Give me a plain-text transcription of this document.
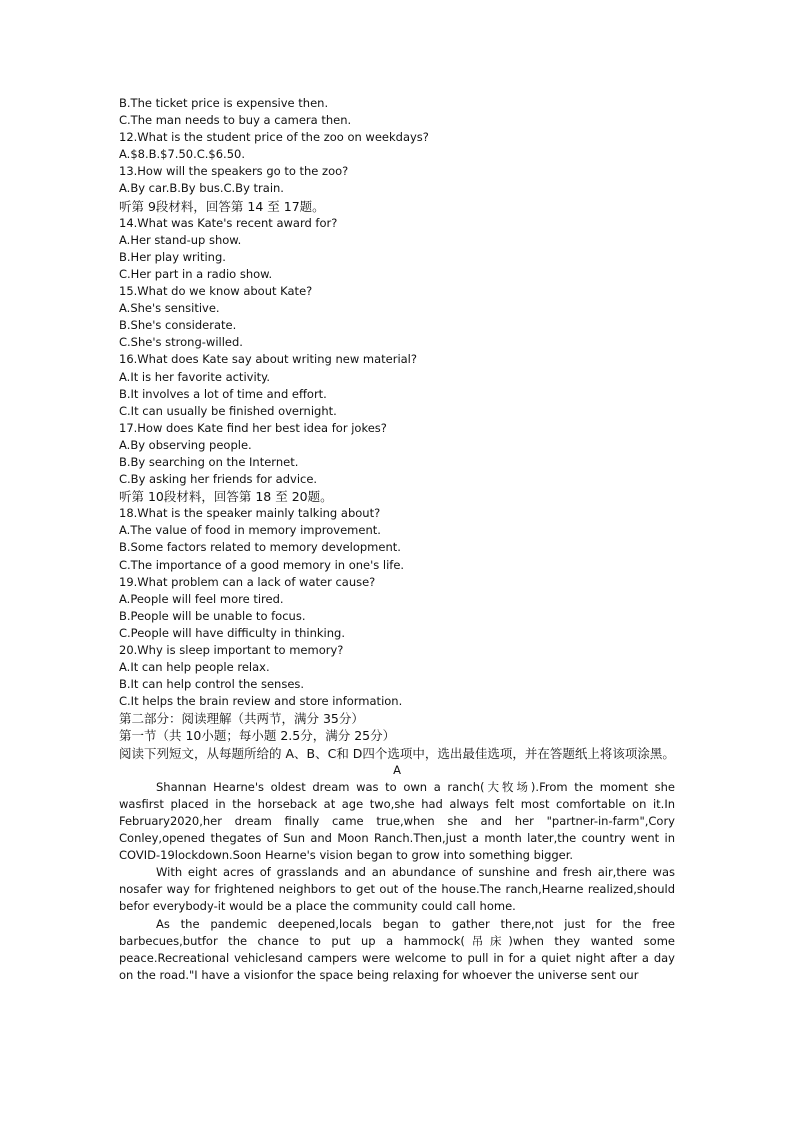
B.The ticket price is expensive then.
C.The man needs to buy a camera then.
12.What is the student price of the zoo on weekdays?
A.$8.B.$7.50.C.$6.50.
13.How will the speakers go to the zoo?
A.By car.B.By bus.C.By train.
听第 9段材料，回答第 14 至 17题。
14.What was Kate's recent award for?
A.Her stand-up show.
B.Her play writing.
C.Her part in a radio show.
15.What do we know about Kate?
A.She's sensitive.
B.She's considerate.
C.She's strong-willed.
16.What does Kate say about writing new material?
A.It is her favorite activity.
B.It involves a lot of time and effort.
C.It can usually be finished overnight.
17.How does Kate find her best idea for jokes?
A.By observing people.
B.By searching on the Internet.
C.By asking her friends for advice.
听第 10段材料，回答第 18 至 20题。
18.What is the speaker mainly talking about?
A.The value of food in memory improvement.
B.Some factors related to memory development.
C.The importance of a good memory in one's life.
19.What problem can a lack of water cause?
A.People will feel more tired.
B.People will be unable to focus.
C.People will have difficulty in thinking.
20.Why is sleep important to memory?
A.It can help people relax.
B.It can help control the senses.
C.It helps the brain review and store information.
第二部分：阅读理解（共两节，满分 35分）
第一节（共 10小题；每小题 2.5分，满分 25分）
阅读下列短文，从每题所给的 A、B、C和 D四个选项中，选出最佳选项，并在答题纸上将该项涂黑。
A

Shannan Hearne's oldest dream was to own a ranch(大牧场).From the moment she wasfirst placed in the horseback at age two,she had always felt most comfortable on it.In February2020,her dream finally came true,when she and her "partner-in-farm",Cory Conley,opened thegates of Sun and Moon Ranch.Then,just a month later,the country went in COVID-19lockdown.Soon Hearne's vision began to grow into something bigger.

With eight acres of grasslands and an abundance of sunshine and fresh air,there was nosafer way for frightened neighbors to get out of the house.The ranch,Hearne realized,should befor everybody-it would be a place the community could call home.

As the pandemic deepened,locals began to gather there,not just for the free barbecues,butfor the chance to put up a hammock(吊床)when they wanted some peace.Recreational vehiclesand campers were welcome to pull in for a quiet night after a day on the road."I have a visionfor the space being relaxing for whoever the universe sent our
